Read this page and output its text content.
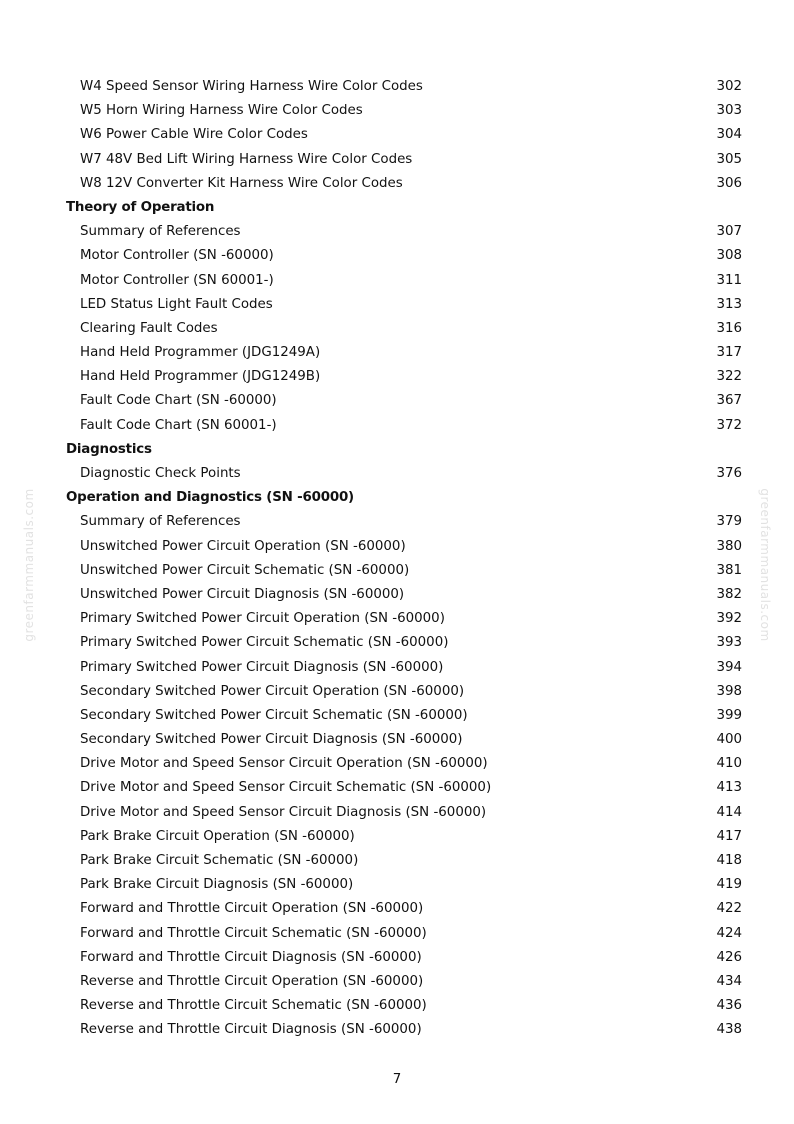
greenfarmmanuals.com	greenfarmmanuals.com
W4 Speed Sensor Wiring Harness Wire Color Codes	302
W5 Horn Wiring Harness Wire Color Codes	303
W6 Power Cable Wire Color Codes	304
W7 48V Bed Lift Wiring Harness Wire Color Codes	305
W8 12V Converter Kit Harness Wire Color Codes	306
Theory of Operation
Summary of References	307
Motor Controller (SN -60000)	308
Motor Controller (SN 60001-)	311
LED Status Light Fault Codes	313
Clearing Fault Codes	316
Hand Held Programmer (JDG1249A)	317
Hand Held Programmer (JDG1249B)	322
Fault Code Chart (SN -60000)	367
Fault Code Chart (SN 60001-)	372
Diagnostics
Diagnostic Check Points	376
Operation and Diagnostics (SN -60000)
Summary of References	379
Unswitched Power Circuit Operation (SN -60000)	380
Unswitched Power Circuit Schematic (SN -60000)	381
Unswitched Power Circuit Diagnosis (SN -60000)	382
Primary Switched Power Circuit Operation (SN -60000)	392
Primary Switched Power Circuit Schematic (SN -60000)	393
Primary Switched Power Circuit Diagnosis (SN -60000)	394
Secondary Switched Power Circuit Operation (SN -60000)	398
Secondary Switched Power Circuit Schematic (SN -60000)	399
Secondary Switched Power Circuit Diagnosis (SN -60000)	400
Drive Motor and Speed Sensor Circuit Operation (SN -60000)	410
Drive Motor and Speed Sensor Circuit Schematic (SN -60000)	413
Drive Motor and Speed Sensor Circuit Diagnosis (SN -60000)	414
Park Brake Circuit Operation (SN -60000)	417
Park Brake Circuit Schematic (SN -60000)	418
Park Brake Circuit Diagnosis (SN -60000)	419
Forward and Throttle Circuit Operation (SN -60000)	422
Forward and Throttle Circuit Schematic (SN -60000)	424
Forward and Throttle Circuit Diagnosis (SN -60000)	426
Reverse and Throttle Circuit Operation (SN -60000)	434
Reverse and Throttle Circuit Schematic (SN -60000)	436
Reverse and Throttle Circuit Diagnosis (SN -60000)	438
7
